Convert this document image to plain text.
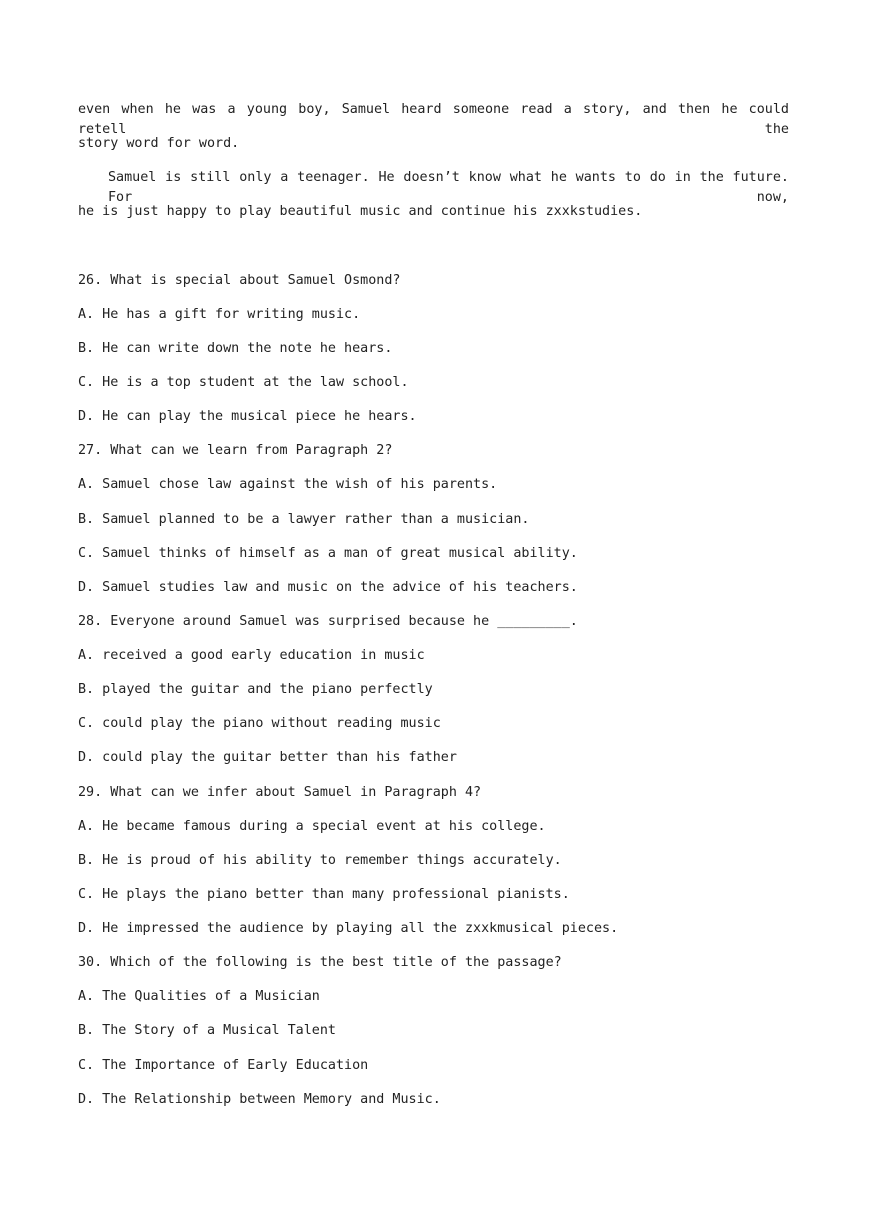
even when he was a young boy, Samuel heard someone read a story, and then he could retell the
story word for word.
Samuel is still only a teenager. He doesn’t know what he wants to do in the future. For now,
he is just happy to play beautiful music and continue his zxxkstudies.
26. What is special about Samuel Osmond?
A. He has a gift for writing music.
B. He can write down the note he hears.
C. He is a top student at the law school.
D. He can play the musical piece he hears.
27. What can we learn from Paragraph 2?
A. Samuel chose law against the wish of his parents.
B. Samuel planned to be a lawyer rather than a musician.
C. Samuel thinks of himself as a man of great musical ability.
D. Samuel studies law and music on the advice of his teachers.
28. Everyone around Samuel was surprised because he _________.
A. received a good early education in music
B. played the guitar and the piano perfectly
C. could play the piano without reading music
D. could play the guitar better than his father
29. What can we infer about Samuel in Paragraph 4?
A. He became famous during a special event at his college.
B. He is proud of his ability to remember things accurately.
C. He plays the piano better than many professional pianists.
D. He impressed the audience by playing all the zxxkmusical pieces.
30. Which of the following is the best title of the passage?
A. The Qualities of a Musician
B. The Story of a Musical Talent
C. The Importance of Early Education
D. The Relationship between Memory and Music.
